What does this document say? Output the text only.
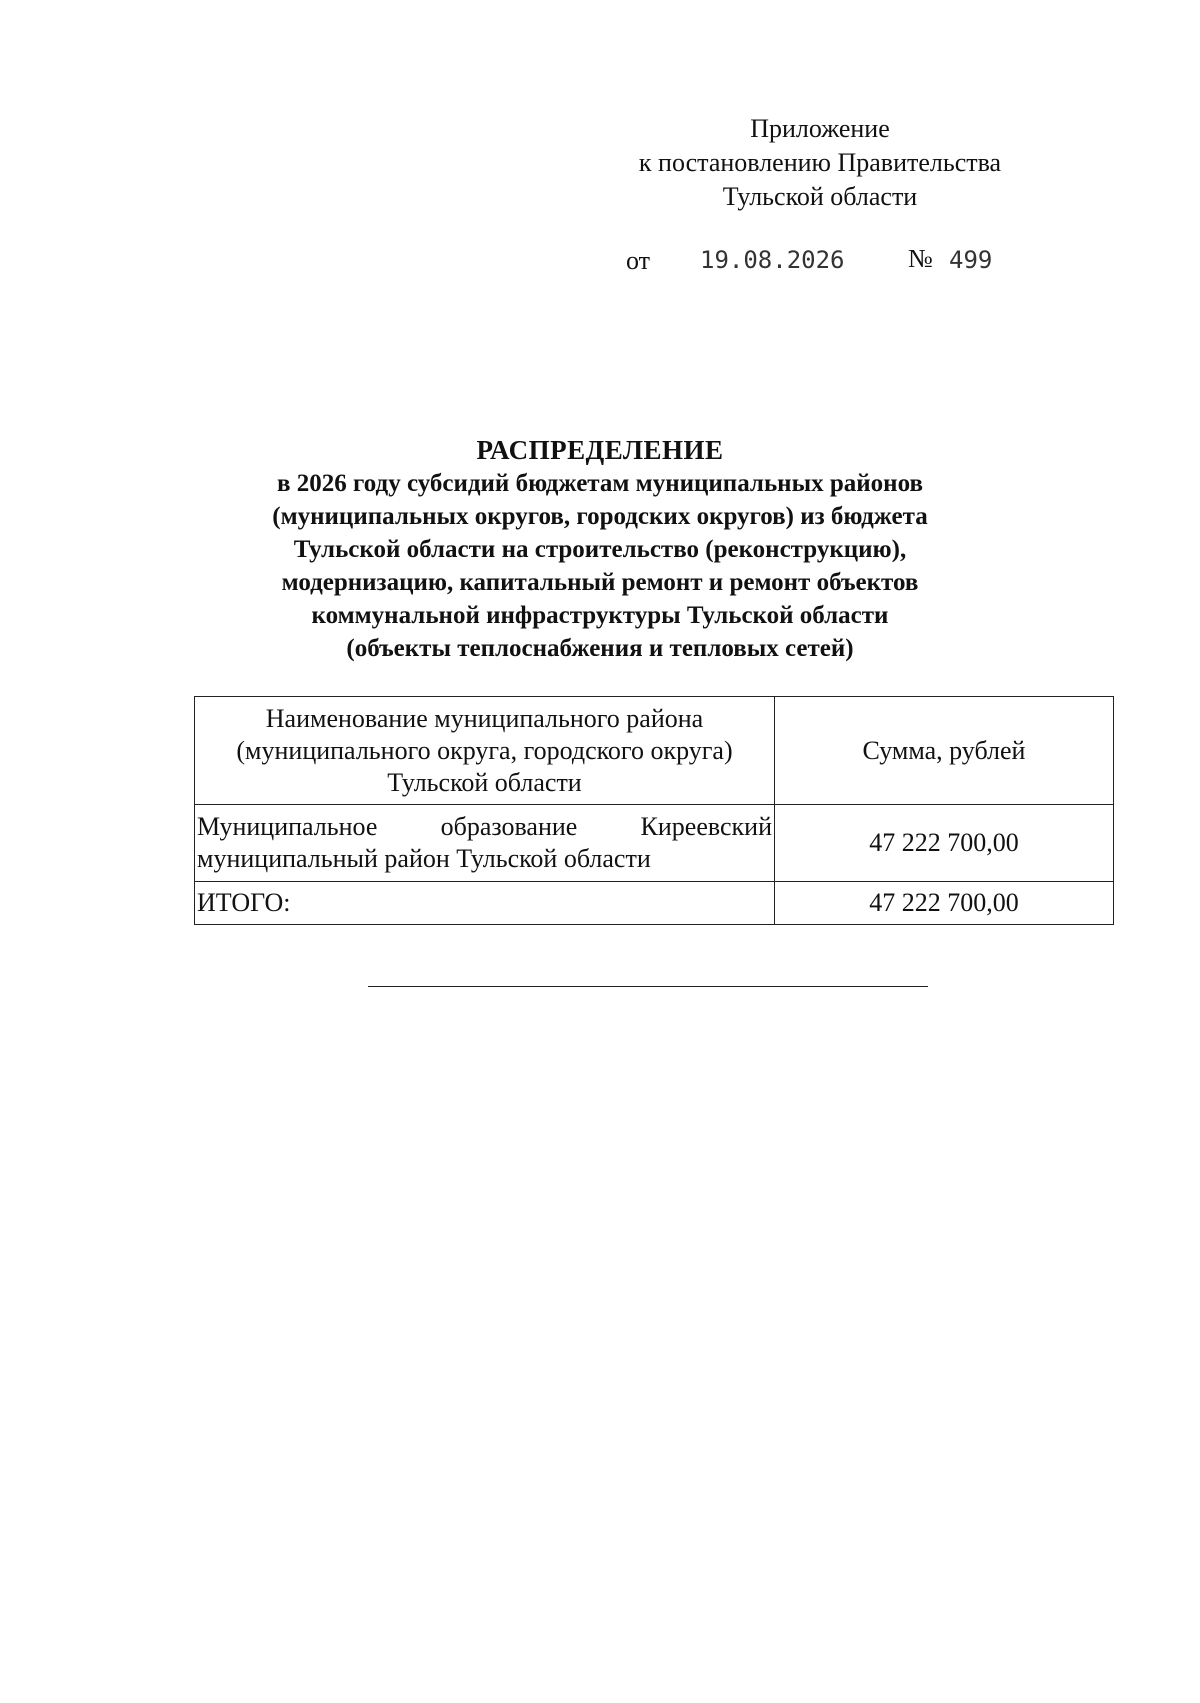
Приложение
к постановлению Правительства
Тульской области
от 19.08.2026 № 499
РАСПРЕДЕЛЕНИЕ
в 2026 году субсидий бюджетам муниципальных районов
(муниципальных округов, городских округов) из бюджета
Тульской области на строительство (реконструкцию),
модернизацию, капитальный ремонт и ремонт объектов
коммунальной инфраструктуры Тульской области
(объекты теплоснабжения и тепловых сетей)
Наименование муниципального района
(муниципального округа, городского округа)
Тульской области	Сумма, рублей
Муниципальное образование Киреевский муниципальный район Тульской области	47 222 700,00
ИТОГО:	47 222 700,00
